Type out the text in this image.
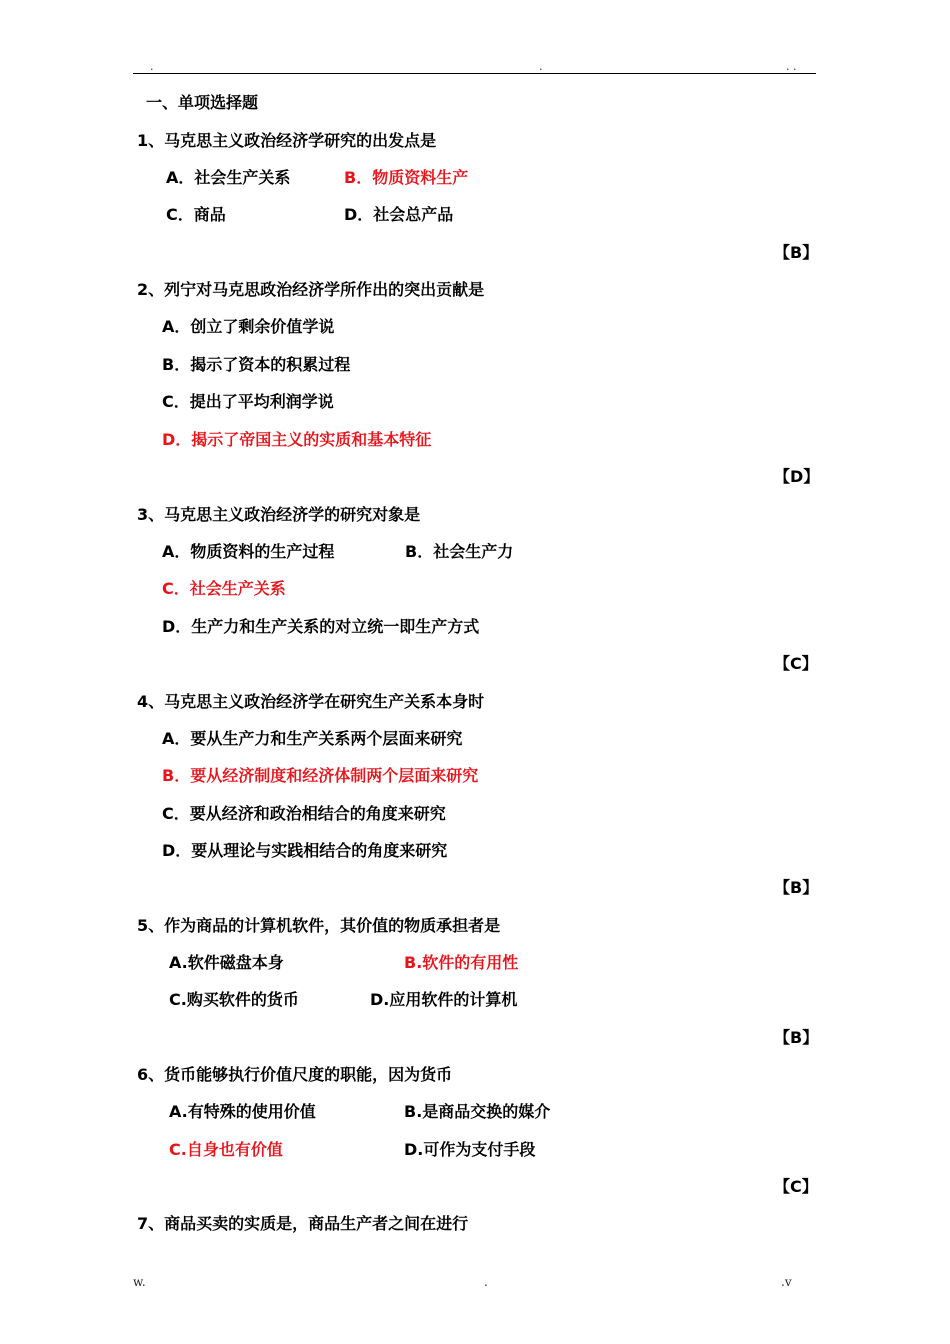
.	.	. .
一、单项选择题
1、马克思主义政治经济学研究的出发点是
A．社会生产关系	B．物质资料生产
C．商品	D．社会总产品
【B】
2、列宁对马克思政治经济学所作出的突出贡献是
A．创立了剩余价值学说
B．揭示了资本的积累过程
C．提出了平均利润学说
D．揭示了帝国主义的实质和基本特征
【D】
3、马克思主义政治经济学的研究对象是
A．物质资料的生产过程	B．社会生产力
C．社会生产关系
D．生产力和生产关系的对立统一即生产方式
【C】
4、马克思主义政治经济学在研究生产关系本身时
A．要从生产力和生产关系两个层面来研究
B．要从经济制度和经济体制两个层面来研究
C．要从经济和政治相结合的角度来研究
D．要从理论与实践相结合的角度来研究
【B】
5、作为商品的计算机软件，其价值的物质承担者是
A.软件磁盘本身	B.软件的有用性
C.购买软件的货币	D.应用软件的计算机
【B】
6、货币能够执行价值尺度的职能，因为货币
A.有特殊的使用价值	B.是商品交换的媒介
C.自身也有价值	D.可作为支付手段
【C】
7、商品买卖的实质是，商品生产者之间在进行
w.	.	.v
